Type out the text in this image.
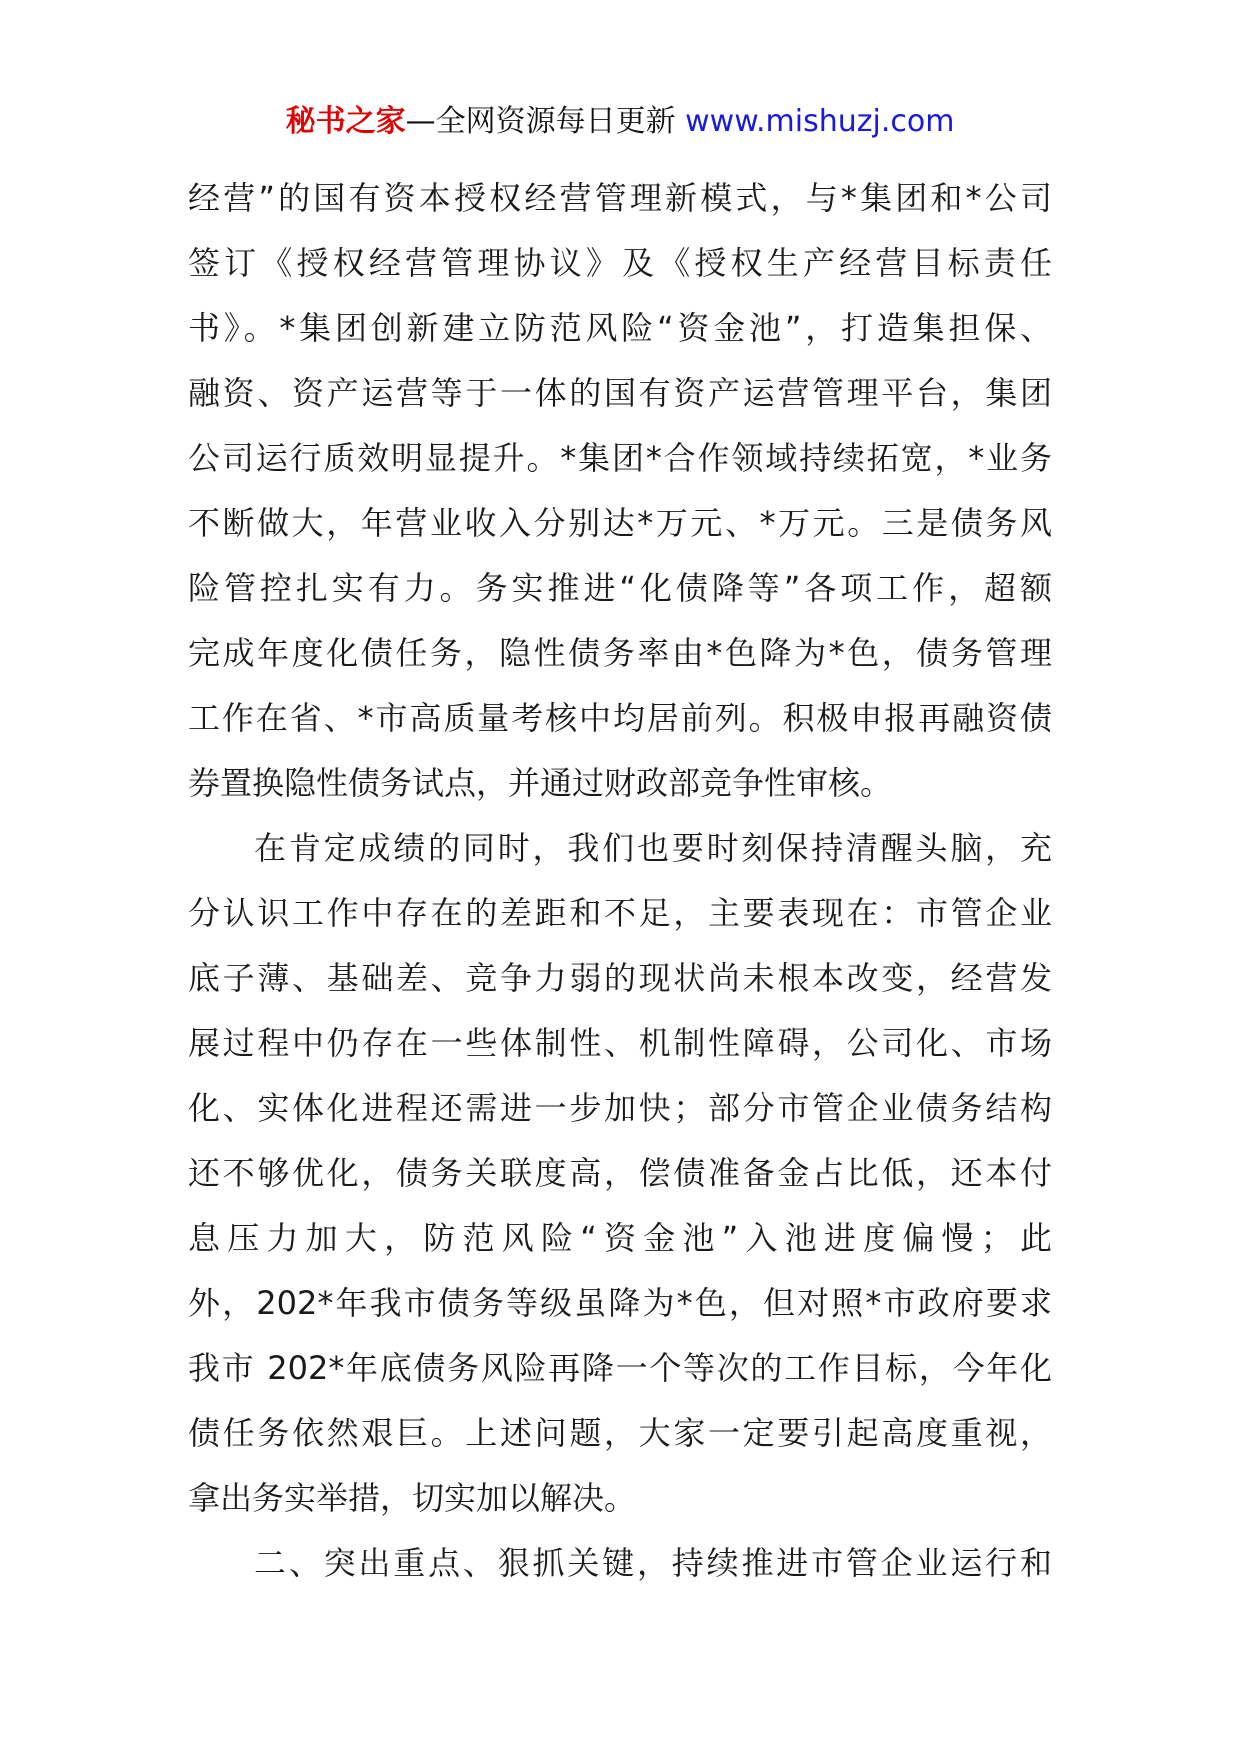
秘书之家—全网资源每日更新 www.mishuzj.com
经营”的国有资本授权经营管理新模式，与*集团和*公司
签订《授权经营管理协议》及《授权生产经营目标责任
书》。*集团创新建立防范风险“资金池”，打造集担保、
融资、资产运营等于一体的国有资产运营管理平台，集团
公司运行质效明显提升。*集团*合作领域持续拓宽，*业务
不断做大，年营业收入分别达*万元、*万元。三是债务风
险管控扎实有力。务实推进“化债降等”各项工作，超额
完成年度化债任务，隐性债务率由*色降为*色，债务管理
工作在省、*市高质量考核中均居前列。积极申报再融资债
券置换隐性债务试点，并通过财政部竞争性审核。
在肯定成绩的同时，我们也要时刻保持清醒头脑，充
分认识工作中存在的差距和不足，主要表现在：市管企业
底子薄、基础差、竞争力弱的现状尚未根本改变，经营发
展过程中仍存在一些体制性、机制性障碍，公司化、市场
化、实体化进程还需进一步加快；部分市管企业债务结构
还不够优化，债务关联度高，偿债准备金占比低，还本付
息压力加大，防范风险“资金池”入池进度偏慢；此
外，202*年我市债务等级虽降为*色，但对照*市政府要求
我市 202*年底债务风险再降一个等次的工作目标，今年化
债任务依然艰巨。上述问题，大家一定要引起高度重视，
拿出务实举措，切实加以解决。
二、突出重点、狠抓关键，持续推进市管企业运行和
